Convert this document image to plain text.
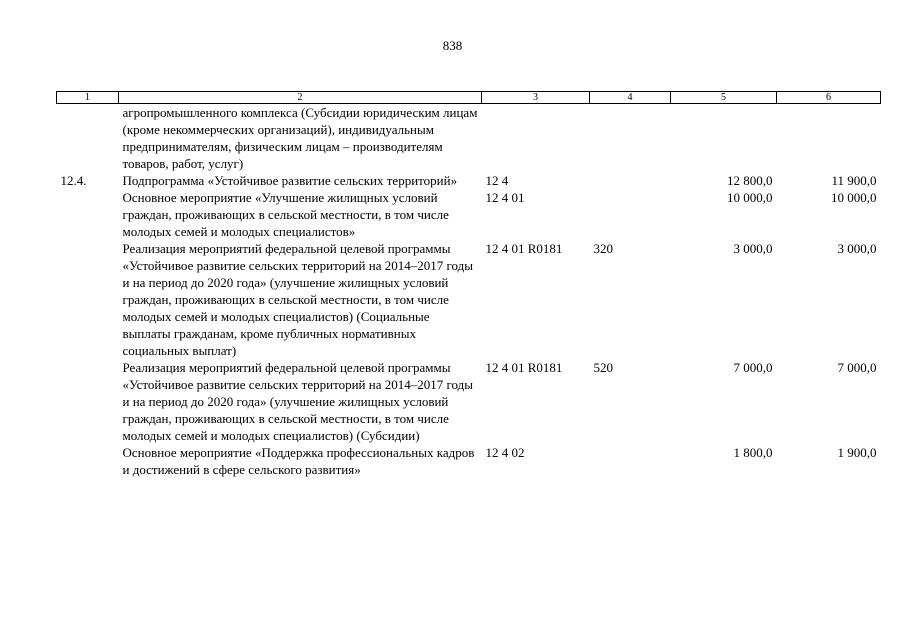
838
1	2	3	4	5	6
	агропромышленного комплекса (Субсидии юридическим лицам (кроме некоммерческих организаций), индивидуальным предпринимателям, физическим лицам – производителям товаров, работ, услуг)				
12.4.	Подпрограмма «Устойчивое развитие сельских территорий»	12 4		12 800,0	11 900,0
	Основное мероприятие «Улучшение жилищных условий граждан, проживающих в сельской местности, в том числе молодых семей и молодых специалистов»	12 4 01		10 000,0	10 000,0
	Реализация мероприятий федеральной целевой программы «Устойчивое развитие сельских территорий на 2014–2017 годы и на период до 2020 года» (улучшение жилищных условий граждан, проживающих в сельской местности, в том числе молодых семей и молодых специалистов) (Социальные выплаты гражданам, кроме публичных нормативных социальных выплат)	12 4 01 R0181	320	3 000,0	3 000,0
	Реализация мероприятий федеральной целевой программы «Устойчивое развитие сельских территорий на 2014–2017 годы и на период до 2020 года» (улучшение жилищных условий граждан, проживающих в сельской местности, в том числе молодых семей и молодых специалистов) (Субсидии)	12 4 01 R0181	520	7 000,0	7 000,0
	Основное мероприятие «Поддержка профессиональных кадров и достижений в сфере сельского развития»	12 4 02		1 800,0	1 900,0
